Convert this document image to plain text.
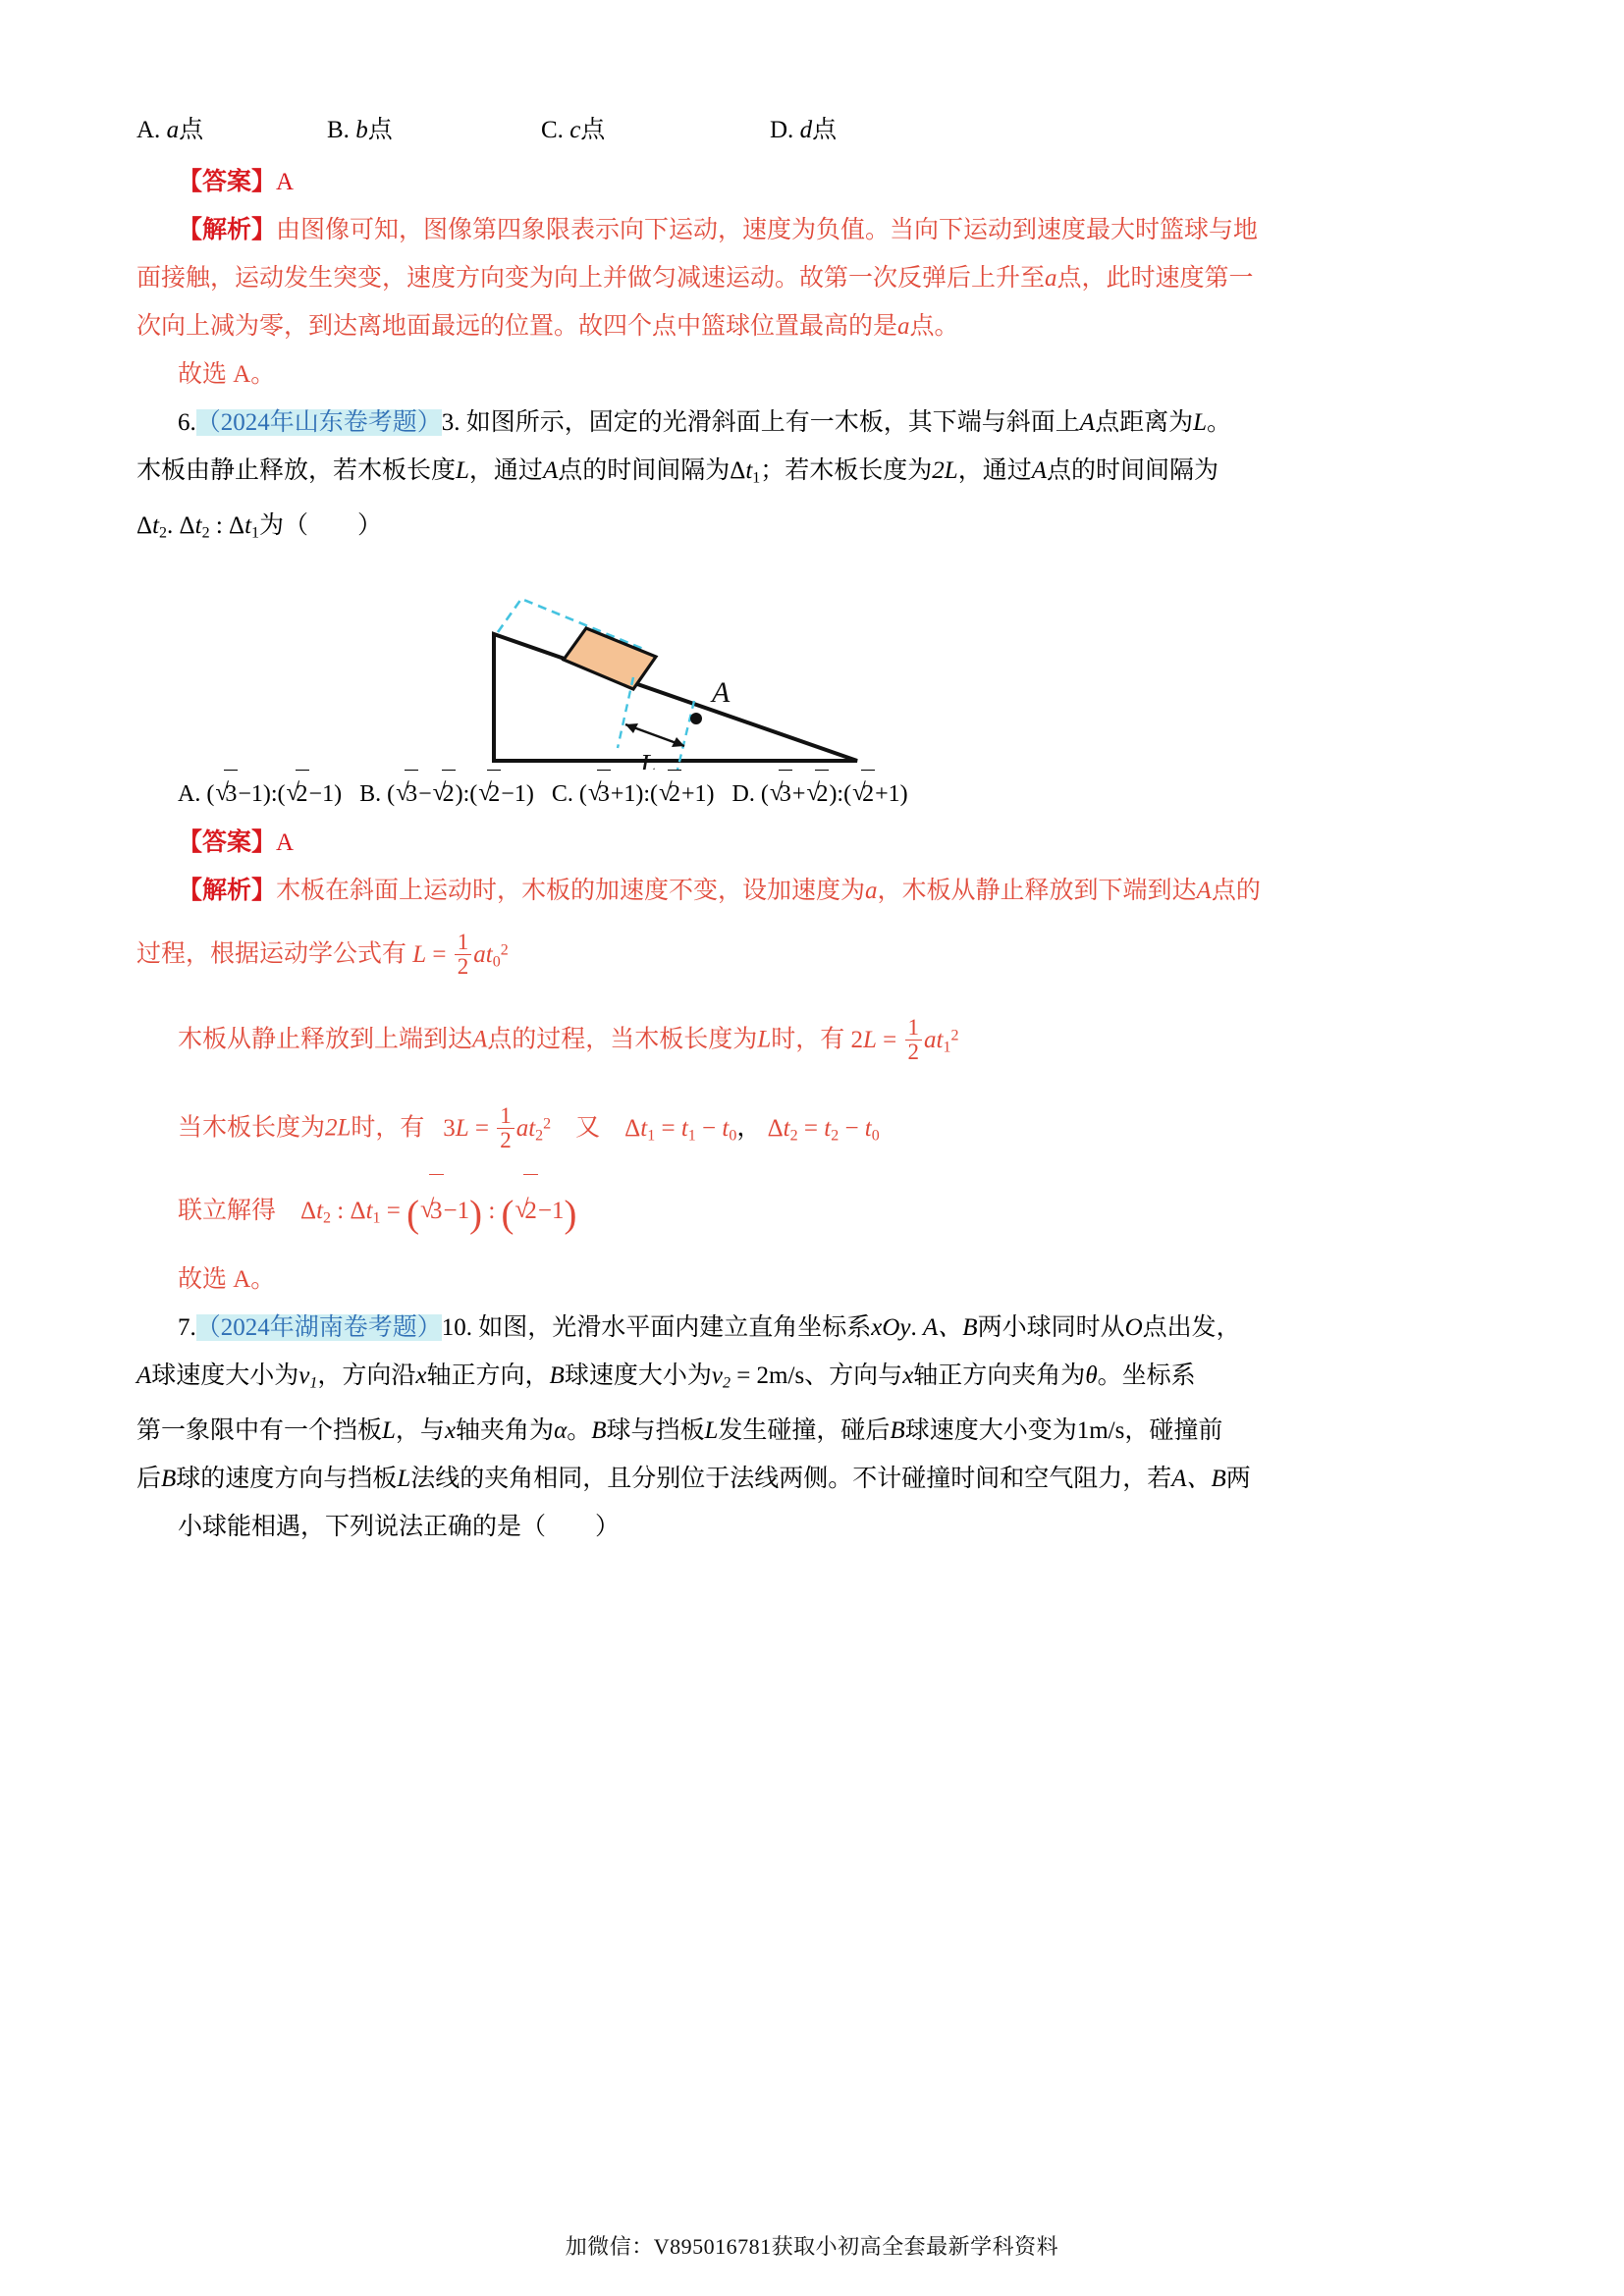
A. a点	B. b点	C. c点	D. d点
【答案】A
【解析】由图像可知，图像第四象限表示向下运动，速度为负值。当向下运动到速度最大时篮球与地
面接触，运动发生突变，速度方向变为向上并做匀减速运动。故第一次反弹后上升至a点，此时速度第一
次向上减为零，到达离地面最远的位置。故四个点中篮球位置最高的是a点。
故选 A。
6.（2024年山东卷考题）3. 如图所示，固定的光滑斜面上有一木板，其下端与斜面上A点距离为L。
木板由静止释放，若木板长度L，通过A点的时间间隔为$\Delta t_1$；若木板长度为2L，通过A点的时间间隔为
$\Delta t_2$. $\Delta t_2$ : $\Delta t_1$为（　　）
A
L
A. ( √ 3−1):( √ 2−1) B. ( √ 3− √ 2):( √ 2−1) C. ( √ 3+1):( √ 2+1) D. ( √ 3+ √ 2):( √ 2+1)
【答案】A
【解析】木板在斜面上运动时，木板的加速度不变，设加速度为a，木板从静止释放到下端到达A点的
过程，根据运动学公式有 $L = \frac{1}{2} at_0^2$
木板从静止释放到上端到达A点的过程，当木板长度为L时，有 $2L = \frac{1}{2} at_1^2$
当木板长度为2L时，有 $3L = \frac{1}{2} at_2^2$ 又 $\Delta t_1 = t_1 - t_0$， $\Delta t_2 = t_2 - t_0$
联立解得 $\Delta t_2$ : $\Delta t_1$ = ( √ 3−1) : ( √ 2−1)
故选 A。
7.（2024年湖南卷考题）10. 如图，光滑水平面内建立直角坐标系xOy. A、B两小球同时从O点出发，
A球速度大小为$v_1$，方向沿x轴正方向，B球速度大小为$v_2 = 2m/s$、方向与x轴正方向夹角为θ。坐标系
第一象限中有一个挡板L，与x轴夹角为α。B球与挡板L发生碰撞，碰后B球速度大小变为1m/s，碰撞前
后B球的速度方向与挡板L法线的夹角相同，且分别位于法线两侧。不计碰撞时间和空气阻力，若A、B两
小球能相遇，下列说法正确的是（　　）
加微信：V895016781获取小初高全套最新学科资料
